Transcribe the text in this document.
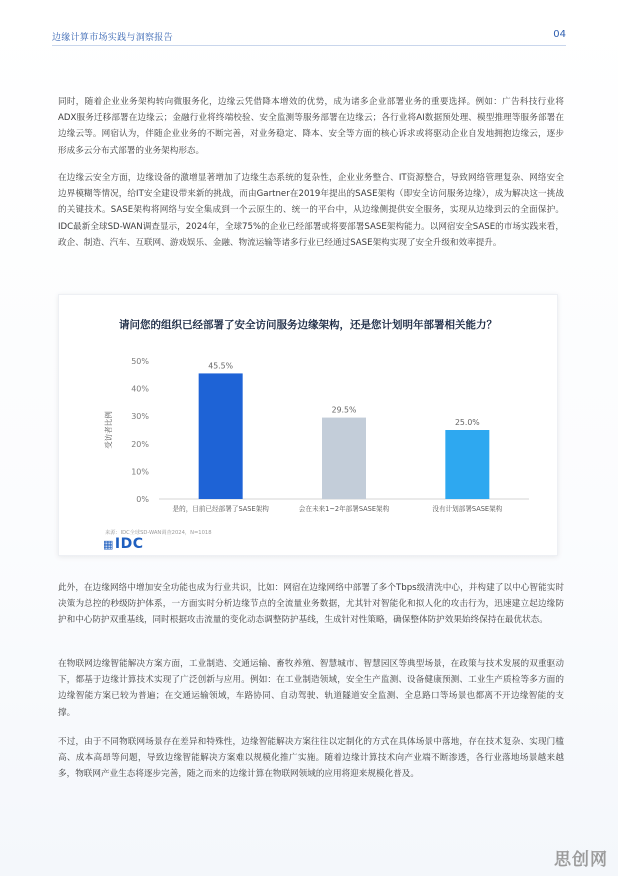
边缘计算市场实践与洞察报告	04
同时，随着企业业务架构转向微服务化，边缘云凭借降本增效的优势，成为诸多企业部署业务的重要选择。例如：广告科技行业将ADX服务迁移部署在边缘云；金融行业将终端校验、安全监测等服务部署在边缘云；各行业将AI数据预处理、模型推理等服务部署在边缘云等。网宿认为，伴随企业业务的不断完善，对业务稳定、降本、安全等方面的核心诉求或将驱动企业自发地拥抱边缘云，逐步形成多云分布式部署的业务架构形态。
在边缘云安全方面，边缘设备的激增显著增加了边缘生态系统的复杂性，企业业务整合、IT资源整合，导致网络管理复杂、网络安全边界模糊等情况，给IT安全建设带来新的挑战，而由Gartner在2019年提出的SASE架构（即安全访问服务边缘），成为解决这一挑战的关键技术。SASE架构将网络与安全集成到一个云原生的、统一的平台中，从边缘侧提供安全服务，实现从边缘到云的全面保护。IDC最新全球SD-WAN调查显示，2024年，全球75%的企业已经部署或将要部署SASE架构能力。以网宿安全SASE的市场实践来看，政企、制造、汽车、互联网、游戏娱乐、金融、物流运输等诸多行业已经通过SASE架构实现了安全升级和效率提升。
请问您的组织已经部署了安全访问服务边缘架构，还是您计划明年部署相关能力？
0%
10%
20%
30%
40%
50%
受访者比例
45.5%
是的，目前已经部署了SASE架构
29.5%
会在未来1~2年部署SASE架构
25.0%
没有计划部署SASE架构
来源：IDC全球SD-WAN调查2024，N=1018
▦IDC
此外，在边缘网络中增加安全功能也成为行业共识，比如：网宿在边缘网络中部署了多个Tbps级清洗中心，并构建了以中心智能实时决策为总控的秒级防护体系，一方面实时分析边缘节点的全流量业务数据，尤其针对智能化和拟人化的攻击行为，迅速建立起边缘防护和中心防护双重基线，同时根据攻击流量的变化动态调整防护基线，生成针对性策略，确保整体防护效果始终保持在最优状态。
在物联网边缘智能解决方案方面，工业制造、交通运输、畜牧养殖、智慧城市、智慧园区等典型场景，在政策与技术发展的双重驱动下，都基于边缘计算技术实现了广泛创新与应用。例如：在工业制造领域，安全生产监测、设备健康预测、工业生产质检等多方面的边缘智能方案已较为普遍；在交通运输领域，车路协同、自动驾驶、轨道隧道安全监测、全息路口等场景也都离不开边缘智能的支撑。
不过，由于不同物联网场景存在差异和特殊性，边缘智能解决方案往往以定制化的方式在具体场景中落地，存在技术复杂、实现门槛高、成本高昂等问题，导致边缘智能解决方案难以规模化推广实施。随着边缘计算技术向产业端不断渗透，各行业落地场景越来越多，物联网产业生态将逐步完善，随之而来的边缘计算在物联网领域的应用将迎来规模化普及。
思创网
